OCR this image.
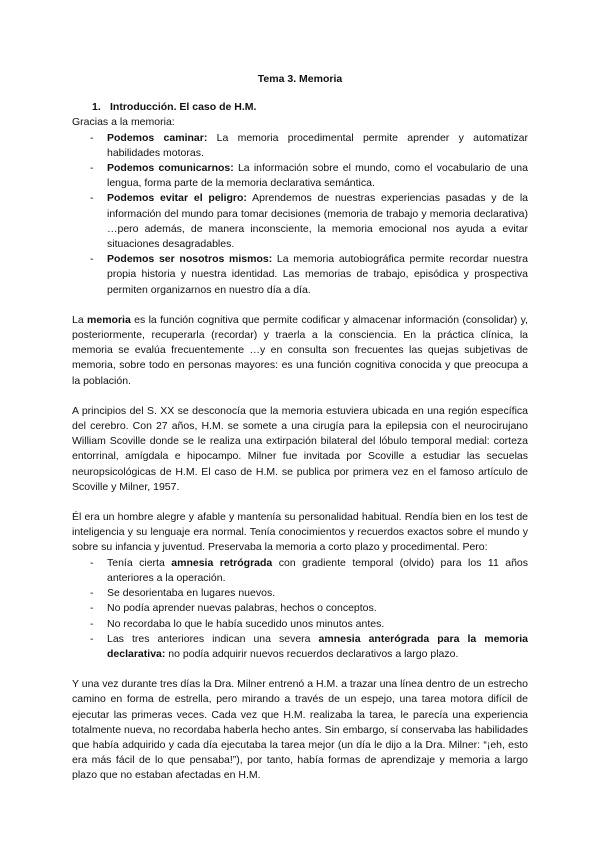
Tema 3. Memoria
1. Introducción. El caso de H.M.

Gracias a la memoria:

- Podemos caminar: La memoria procedimental permite aprender y automatizar habilidades motoras.
- Podemos comunicarnos: La información sobre el mundo, como el vocabulario de una lengua, forma parte de la memoria declarativa semántica.
- Podemos evitar el peligro: Aprendemos de nuestras experiencias pasadas y de la información del mundo para tomar decisiones (memoria de trabajo y memoria declarativa) …pero además, de manera inconsciente, la memoria emocional nos ayuda a evitar situaciones desagradables.
- Podemos ser nosotros mismos: La memoria autobiográfica permite recordar nuestra propia historia y nuestra identidad. Las memorias de trabajo, episódica y prospectiva permiten organizarnos en nuestro día a día.

La memoria es la función cognitiva que permite codificar y almacenar información (consolidar) y, posteriormente, recuperarla (recordar) y traerla a la consciencia. En la práctica clínica, la memoria se evalúa frecuentemente …y en consulta son frecuentes las quejas subjetivas de memoria, sobre todo en personas mayores: es una función cognitiva conocida y que preocupa a la población.

A principios del S. XX se desconocía que la memoria estuviera ubicada en una región específica del cerebro. Con 27 años, H.M. se somete a una cirugía para la epilepsia con el neurocirujano William Scoville donde se le realiza una extirpación bilateral del lóbulo temporal medial: corteza entorrinal, amígdala e hipocampo. Milner fue invitada por Scoville a estudiar las secuelas neuropsicológicas de H.M. El caso de H.M. se publica por primera vez en el famoso artículo de Scoville y Milner, 1957.

Él era un hombre alegre y afable y mantenía su personalidad habitual. Rendía bien en los test de inteligencia y su lenguaje era normal. Tenía conocimientos y recuerdos exactos sobre el mundo y sobre su infancia y juventud. Preservaba la memoria a corto plazo y procedimental. Pero:

- Tenía cierta amnesia retrógrada con gradiente temporal (olvido) para los 11 años anteriores a la operación.
- Se desorientaba en lugares nuevos.
- No podía aprender nuevas palabras, hechos o conceptos.
- No recordaba lo que le había sucedido unos minutos antes.
- Las tres anteriores indican una severa amnesia anterógrada para la memoria declarativa: no podía adquirir nuevos recuerdos declarativos a largo plazo.

Y una vez durante tres días la Dra. Milner entrenó a H.M. a trazar una línea dentro de un estrecho camino en forma de estrella, pero mirando a través de un espejo, una tarea motora difícil de ejecutar las primeras veces. Cada vez que H.M. realizaba la tarea, le parecía una experiencia totalmente nueva, no recordaba haberla hecho antes. Sin embargo, sí conservaba las habilidades que había adquirido y cada día ejecutaba la tarea mejor (un día le dijo a la Dra. Milner: “¡eh, esto era más fácil de lo que pensaba!”), por tanto, había formas de aprendizaje y memoria a largo plazo que no estaban afectadas en H.M.
